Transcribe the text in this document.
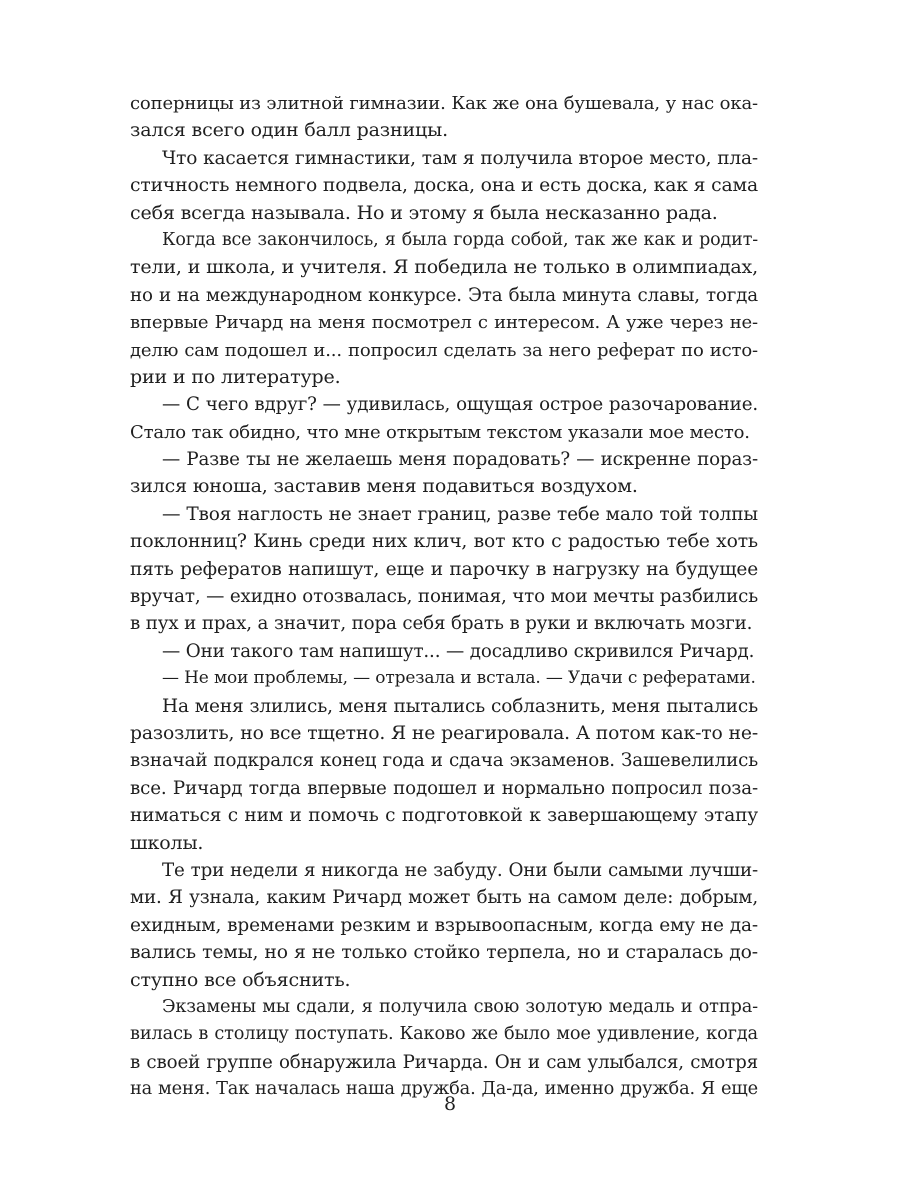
соперницы из элитной гимназии. Как же она бушевала, у нас ока-
зался всего один балл разницы.
Что касается гимнастики, там я получила второе место, пла-
стичность немного подвела, доска, она и есть доска, как я сама
себя всегда называла. Но и этому я была несказанно рада.
Когда все закончилось, я была горда собой, так же как и родит-
тели, и школа, и учителя. Я победила не только в олимпиадах,
но и на международном конкурсе. Эта была минута славы, тогда
впервые Ричард на меня посмотрел с интересом. А уже через не-
делю сам подошел и... попросил сделать за него реферат по исто-
рии и по литературе.
— С чего вдруг? — удивилась, ощущая острое разочарование.
Стало так обидно, что мне открытым текстом указали мое место.
— Разве ты не желаешь меня порадовать? — искренне пораз-
зился юноша, заставив меня подавиться воздухом.
— Твоя наглость не знает границ, разве тебе мало той толпы
поклонниц? Кинь среди них клич, вот кто с радостью тебе хоть
пять рефератов напишут, еще и парочку в нагрузку на будущее
вручат, — ехидно отозвалась, понимая, что мои мечты разбились
в пух и прах, а значит, пора себя брать в руки и включать мозги.
— Они такого там напишут... — досадливо скривился Ричард.
— Не мои проблемы, — отрезала и встала. — Удачи с рефератами.
На меня злились, меня пытались соблазнить, меня пытались
разозлить, но все тщетно. Я не реагировала. А потом как-то не-
взначай подкрался конец года и сдача экзаменов. Зашевелились
все. Ричард тогда впервые подошел и нормально попросил поза-
ниматься с ним и помочь с подготовкой к завершающему этапу
школы.
Те три недели я никогда не забуду. Они были самыми лучши-
ми. Я узнала, каким Ричард может быть на самом деле: добрым,
ехидным, временами резким и взрывоопасным, когда ему не да-
вались темы, но я не только стойко терпела, но и старалась до-
ступно все объяснить.
Экзамены мы сдали, я получила свою золотую медаль и отпра-
вилась в столицу поступать. Каково же было мое удивление, когда
в своей группе обнаружила Ричарда. Он и сам улыбался, смотря
на меня. Так началась наша дружба. Да-да, именно дружба. Я еще
8
